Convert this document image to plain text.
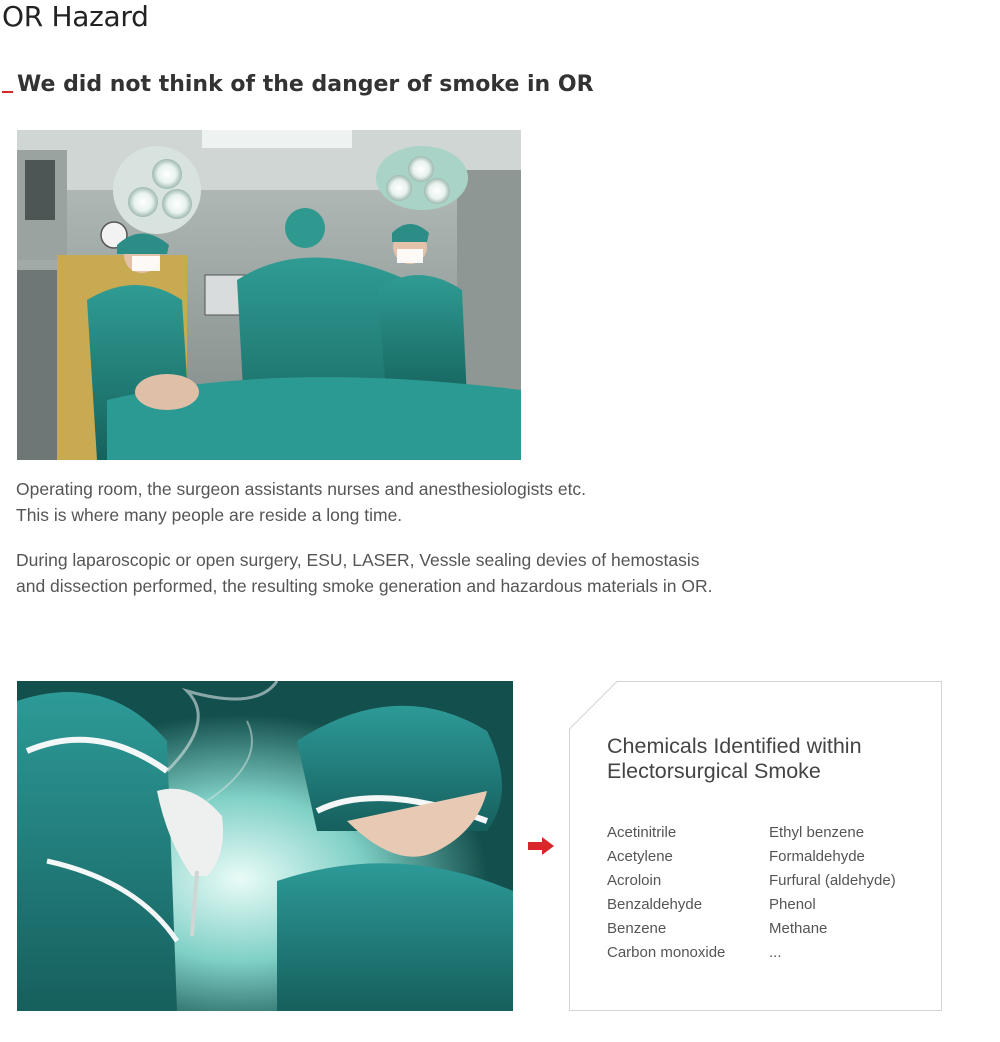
OR Hazard
We did not think of the danger of smoke in OR

Operating room, the surgeon assistants nurses and anesthesiologists etc.
This is where many people are reside a long time.

During laparoscopic or open surgery, ESU, LASER, Vessle sealing devies of hemostasis
and dissection performed, the resulting smoke generation and hazardous materials in OR.

Chemicals Identified within
Electorsurgical Smoke
Acetinitrile
Acetylene
Acroloin
Benzaldehyde
Benzene
Carbon monoxide
Ethyl benzene
Formaldehyde
Furfural (aldehyde)
Phenol
Methane
...
